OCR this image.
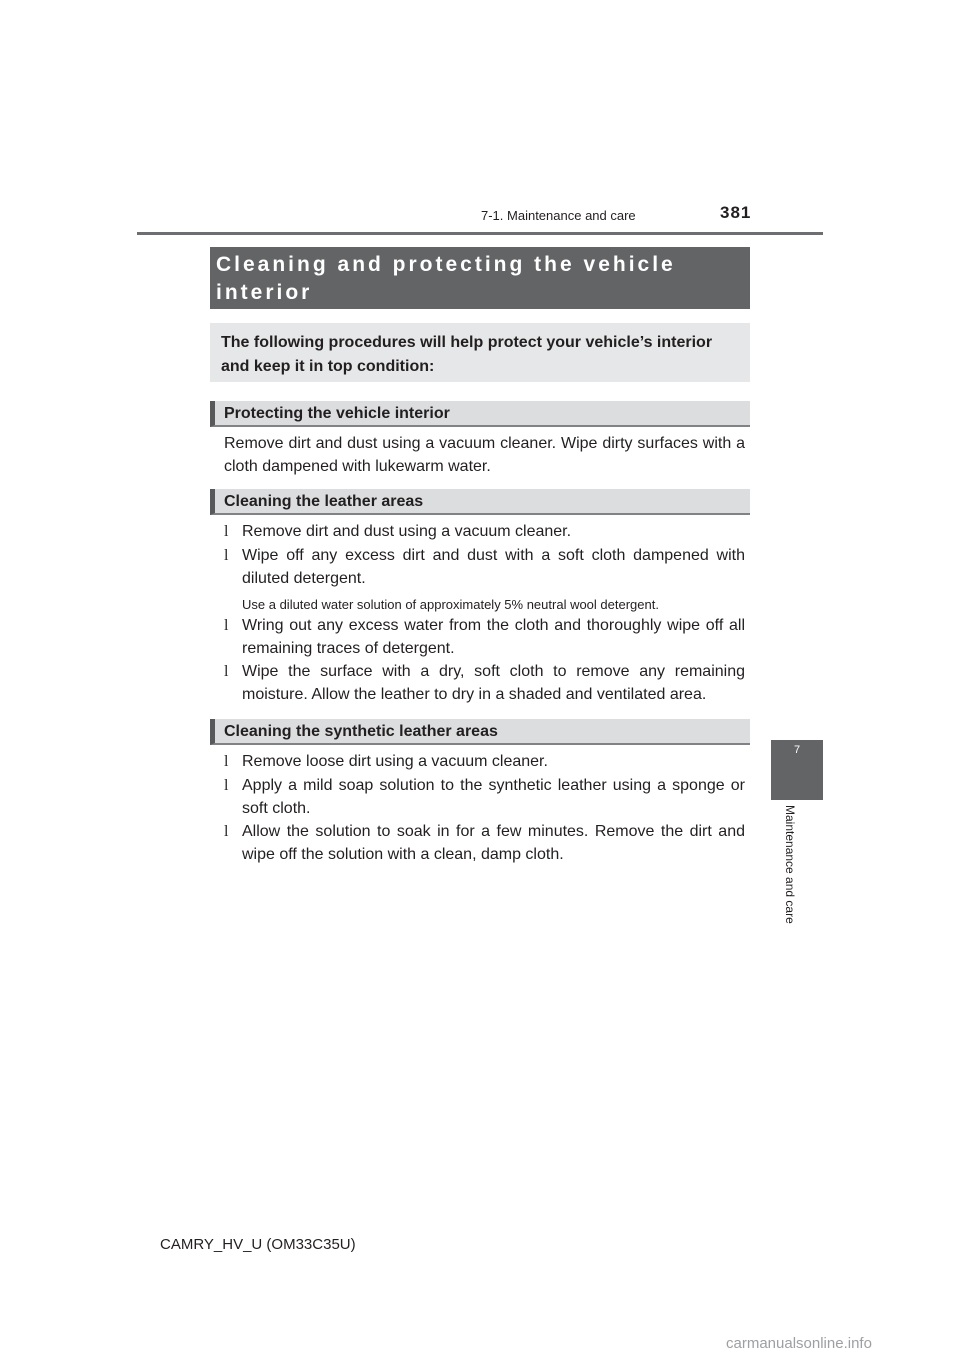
7-1. Maintenance and care	381
Cleaning and protecting the vehicle
interior
The following procedures will help protect your vehicle’s interior
and keep it in top condition:
Protecting the vehicle interior
Remove dirt and dust using a vacuum cleaner. Wipe dirty surfaces with a cloth dampened with lukewarm water.
Cleaning the leather areas
l Remove dirt and dust using a vacuum cleaner.
l Wipe off any excess dirt and dust with a soft cloth dampened with diluted detergent.
Use a diluted water solution of approximately 5% neutral wool detergent.
l Wring out any excess water from the cloth and thoroughly wipe off all remaining traces of detergent.
l Wipe the surface with a dry, soft cloth to remove any remaining moisture. Allow the leather to dry in a shaded and ventilated area.
Cleaning the synthetic leather areas
l Remove loose dirt using a vacuum cleaner.
l Apply a mild soap solution to the synthetic leather using a sponge or soft cloth.
l Allow the solution to soak in for a few minutes. Remove the dirt and wipe off the solution with a clean, damp cloth.
7
Maintenance and care
CAMRY_HV_U (OM33C35U)
carmanualsonline.info
